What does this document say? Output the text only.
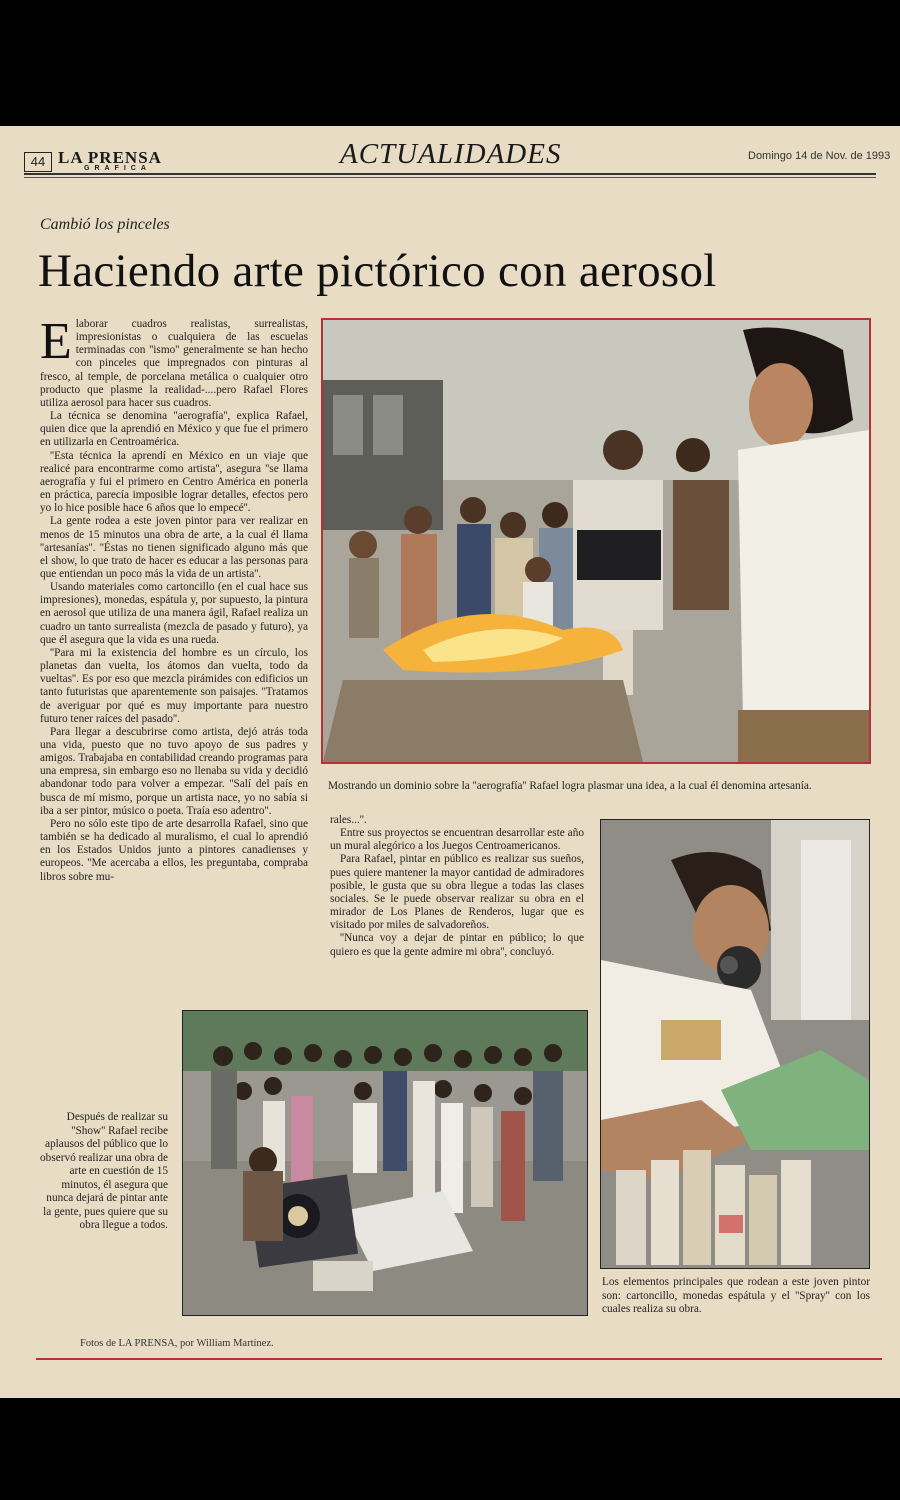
44 LA PRENSA
GRAFICA	ACTUALIDADES	Domingo 14 de Nov. de 1993
Cambió los pinceles
Haciendo arte pictórico con aerosol
E laborar cuadros realistas, surrealistas, impresionistas o cualquiera de las escuelas terminadas con ''ismo'' generalmente se han hecho con pinceles que impregnados con pinturas al fresco, al temple, de porcelana metálica o cualquier otro producto que plasme la realidad-....pero Rafael Flores utiliza aerosol para hacer sus cuadros.

La técnica se denomina ''aerografía'', explica Rafael, quien dice que la aprendió en México y que fue el primero en utilizarla en Centroamérica.

''Esta técnica la aprendí en México en un viaje que realicé para encontrarme como artista'', asegura ''se llama aerografía y fui el primero en Centro América en ponerla en práctica, parecía imposible lograr detalles, efectos pero yo lo hice posible hace 6 años que lo empecé''.

La gente rodea a este joven pintor para ver realizar en menos de 15 minutos una obra de arte, a la cual él llama ''artesanías''. ''Éstas no tienen significado alguno más que el show, lo que trato de hacer es educar a las personas para que entiendan un poco más la vida de un artista''.

Usando materiales como cartoncillo (en el cual hace sus impresiones), monedas, espátula y, por supuesto, la pintura en aerosol que utiliza de una manera ágil, Rafael realiza un cuadro un tanto surrealista (mezcla de pasado y futuro), ya que él asegura que la vida es una rueda.

''Para mi la existencia del hombre es un círculo, los planetas dan vuelta, los átomos dan vuelta, todo da vueltas''. Es por eso que mezcla pirámides con edificios un tanto futuristas que aparentemente son paisajes. ''Tratamos de averiguar por qué es muy importante para nuestro futuro tener raíces del pasado''.

Para llegar a descubrirse como artista, dejó atrás toda una vida, puesto que no tuvo apoyo de sus padres y amigos. Trabajaba en contabilidad creando programas para una empresa, sin embargo eso no llenaba su vida y decidió abandonar todo para volver a empezar. ''Salí del país en busca de mí mismo, porque un artista nace, yo no sabía si iba a ser pintor, músico o poeta. Traía eso adentro''.

Pero no sólo este tipo de arte desarrolla Rafael, sino que también se ha dedicado al muralismo, el cual lo aprendió en los Estados Unidos junto a pintores canadienses y europeos. ''Me acercaba a ellos, les preguntaba, compraba libros sobre mu-

rales...''.

Entre sus proyectos se encuentran desarrollar este año un mural alegórico a los Juegos Centroamericanos.

Para Rafael, pintar en público es realizar sus sueños, pues quiere mantener la mayor cantidad de admiradores posible, le gusta que su obra llegue a todas las clases sociales. Se le puede observar realizar su obra en el mirador de Los Planes de Renderos, lugar que es visitado por miles de salvadoreños.

''Nunca voy a dejar de pintar en público; lo que quiero es que la gente admire mi obra'', concluyó.

Mostrando un dominio sobre la ''aerografía'' Rafael logra plasmar una idea, a la cual él denomina artesanía.
Los elementos principales que rodean a este joven pintor son: cartoncillo, monedas espátula y el ''Spray'' con los cuales realiza su obra.
Después de realizar su ''Show'' Rafael recibe aplausos del público que lo observó realizar una obra de arte en cuestión de 15 minutos, él asegura que nunca dejará de pintar ante la gente, pues quiere que su obra llegue a todos.
Fotos de LA PRENSA, por William Martínez.
